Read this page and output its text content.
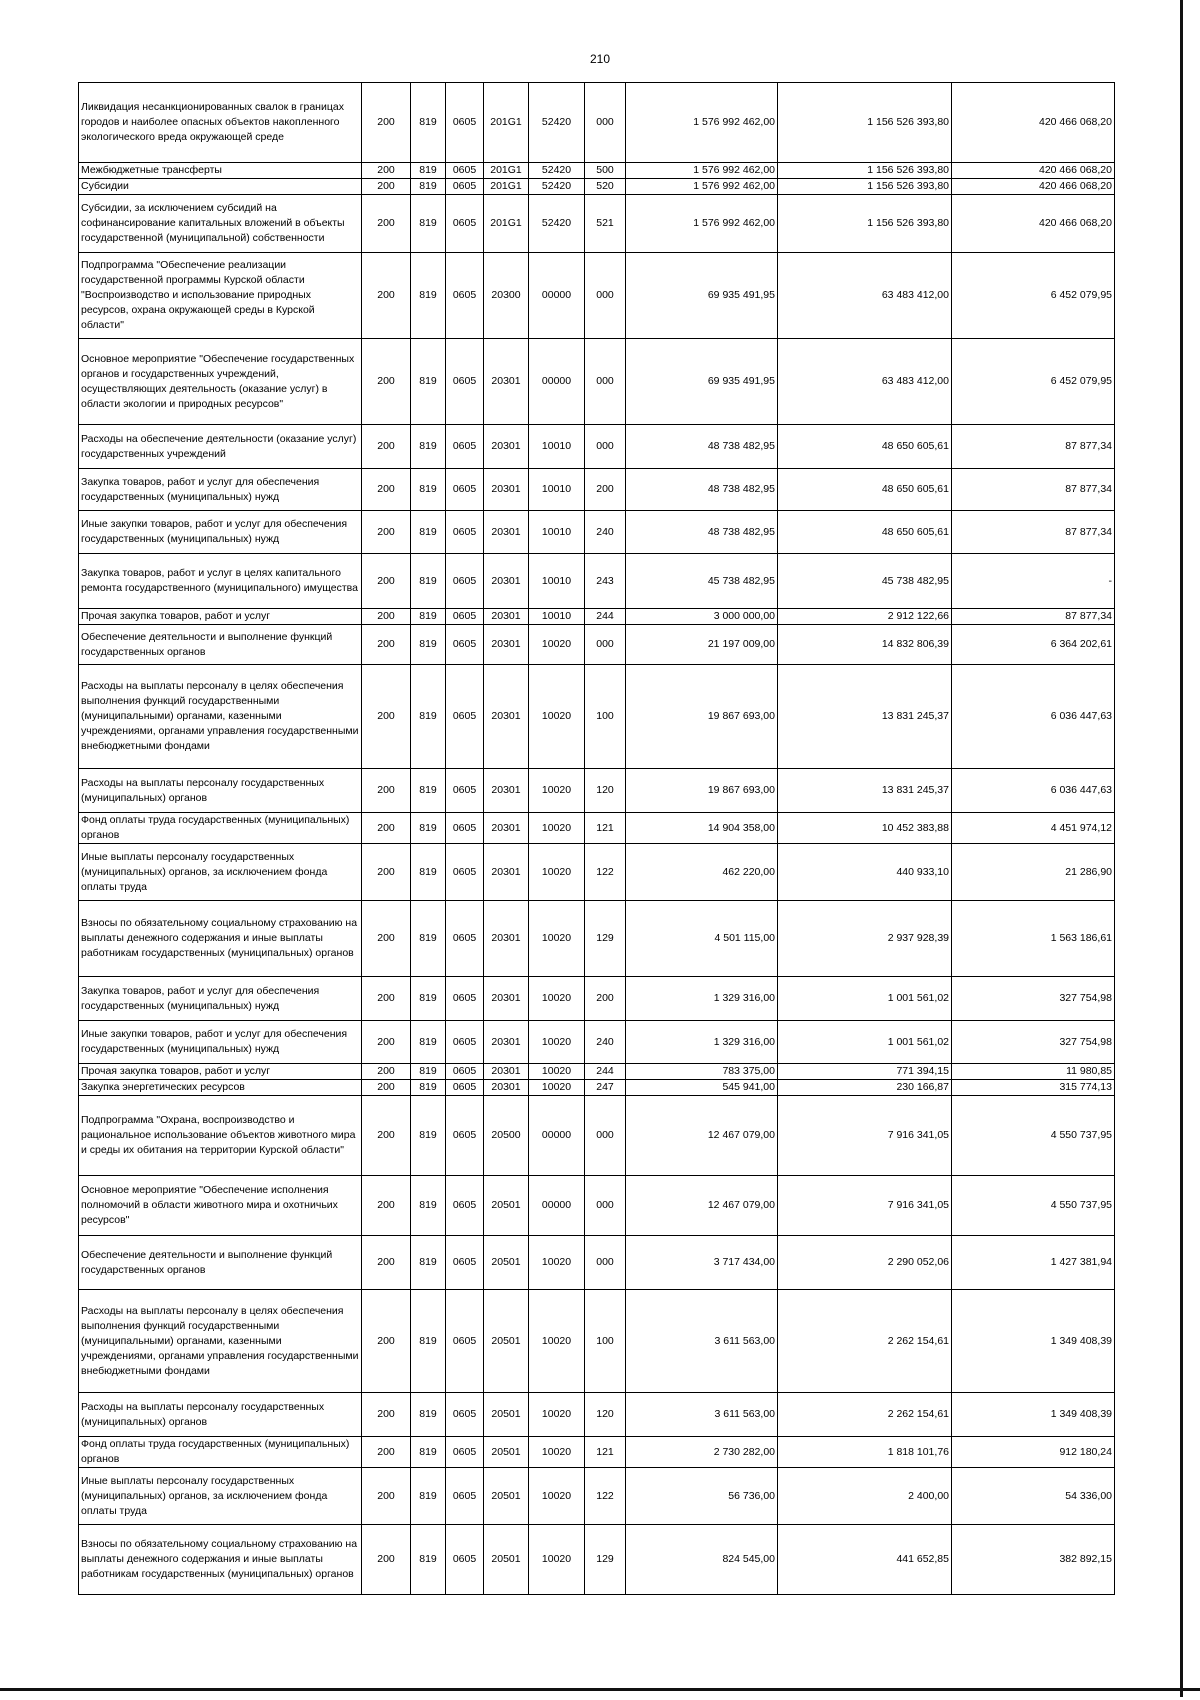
210
Ликвидация несанкционированных свалок в границах городов и наиболее опасных объектов накопленного экологического вреда окружающей среде	200	819	0605	201G1	52420	000	1 576 992 462,00	1 156 526 393,80	420 466 068,20
Межбюджетные трансферты	200	819	0605	201G1	52420	500	1 576 992 462,00	1 156 526 393,80	420 466 068,20
Субсидии	200	819	0605	201G1	52420	520	1 576 992 462,00	1 156 526 393,80	420 466 068,20
Субсидии, за исключением субсидий на софинансирование капитальных вложений в объекты государственной (муниципальной) собственности	200	819	0605	201G1	52420	521	1 576 992 462,00	1 156 526 393,80	420 466 068,20
Подпрограмма "Обеспечение реализации государственной программы Курской области "Воспроизводство и использование природных ресурсов, охрана окружающей среды в Курской области"	200	819	0605	20300	00000	000	69 935 491,95	63 483 412,00	6 452 079,95
Основное мероприятие "Обеспечение государственных органов и государственных учреждений, осуществляющих деятельность (оказание услуг) в области экологии и природных ресурсов"	200	819	0605	20301	00000	000	69 935 491,95	63 483 412,00	6 452 079,95
Расходы на обеспечение деятельности (оказание услуг) государственных учреждений	200	819	0605	20301	10010	000	48 738 482,95	48 650 605,61	87 877,34
Закупка товаров, работ и услуг для обеспечения государственных (муниципальных) нужд	200	819	0605	20301	10010	200	48 738 482,95	48 650 605,61	87 877,34
Иные закупки товаров, работ и услуг для обеспечения государственных (муниципальных) нужд	200	819	0605	20301	10010	240	48 738 482,95	48 650 605,61	87 877,34
Закупка товаров, работ и услуг в целях капитального ремонта государственного (муниципального) имущества	200	819	0605	20301	10010	243	45 738 482,95	45 738 482,95	-
Прочая закупка товаров, работ и услуг	200	819	0605	20301	10010	244	3 000 000,00	2 912 122,66	87 877,34
Обеспечение деятельности и выполнение функций государственных органов	200	819	0605	20301	10020	000	21 197 009,00	14 832 806,39	6 364 202,61
Расходы на выплаты персоналу в целях обеспечения выполнения функций государственными (муниципальными) органами, казенными учреждениями, органами управления государственными внебюджетными фондами	200	819	0605	20301	10020	100	19 867 693,00	13 831 245,37	6 036 447,63
Расходы на выплаты персоналу государственных (муниципальных) органов	200	819	0605	20301	10020	120	19 867 693,00	13 831 245,37	6 036 447,63
Фонд оплаты труда государственных (муниципальных) органов	200	819	0605	20301	10020	121	14 904 358,00	10 452 383,88	4 451 974,12
Иные выплаты персоналу государственных (муниципальных) органов, за исключением фонда оплаты труда	200	819	0605	20301	10020	122	462 220,00	440 933,10	21 286,90
Взносы по обязательному социальному страхованию на выплаты денежного содержания и иные выплаты работникам государственных (муниципальных) органов	200	819	0605	20301	10020	129	4 501 115,00	2 937 928,39	1 563 186,61
Закупка товаров, работ и услуг для обеспечения государственных (муниципальных) нужд	200	819	0605	20301	10020	200	1 329 316,00	1 001 561,02	327 754,98
Иные закупки товаров, работ и услуг для обеспечения государственных (муниципальных) нужд	200	819	0605	20301	10020	240	1 329 316,00	1 001 561,02	327 754,98
Прочая закупка товаров, работ и услуг	200	819	0605	20301	10020	244	783 375,00	771 394,15	11 980,85
Закупка энергетических ресурсов	200	819	0605	20301	10020	247	545 941,00	230 166,87	315 774,13
Подпрограмма "Охрана, воспроизводство и рациональное использование объектов животного мира и среды их обитания на территории Курской области"	200	819	0605	20500	00000	000	12 467 079,00	7 916 341,05	4 550 737,95
Основное мероприятие "Обеспечение исполнения полномочий в области животного мира и охотничьих ресурсов"	200	819	0605	20501	00000	000	12 467 079,00	7 916 341,05	4 550 737,95
Обеспечение деятельности и выполнение функций государственных органов	200	819	0605	20501	10020	000	3 717 434,00	2 290 052,06	1 427 381,94
Расходы на выплаты персоналу в целях обеспечения выполнения функций государственными (муниципальными) органами, казенными учреждениями, органами управления государственными внебюджетными фондами	200	819	0605	20501	10020	100	3 611 563,00	2 262 154,61	1 349 408,39
Расходы на выплаты персоналу государственных (муниципальных) органов	200	819	0605	20501	10020	120	3 611 563,00	2 262 154,61	1 349 408,39
Фонд оплаты труда государственных (муниципальных) органов	200	819	0605	20501	10020	121	2 730 282,00	1 818 101,76	912 180,24
Иные выплаты персоналу государственных (муниципальных) органов, за исключением фонда оплаты труда	200	819	0605	20501	10020	122	56 736,00	2 400,00	54 336,00
Взносы по обязательному социальному страхованию на выплаты денежного содержания и иные выплаты работникам государственных (муниципальных) органов	200	819	0605	20501	10020	129	824 545,00	441 652,85	382 892,15
